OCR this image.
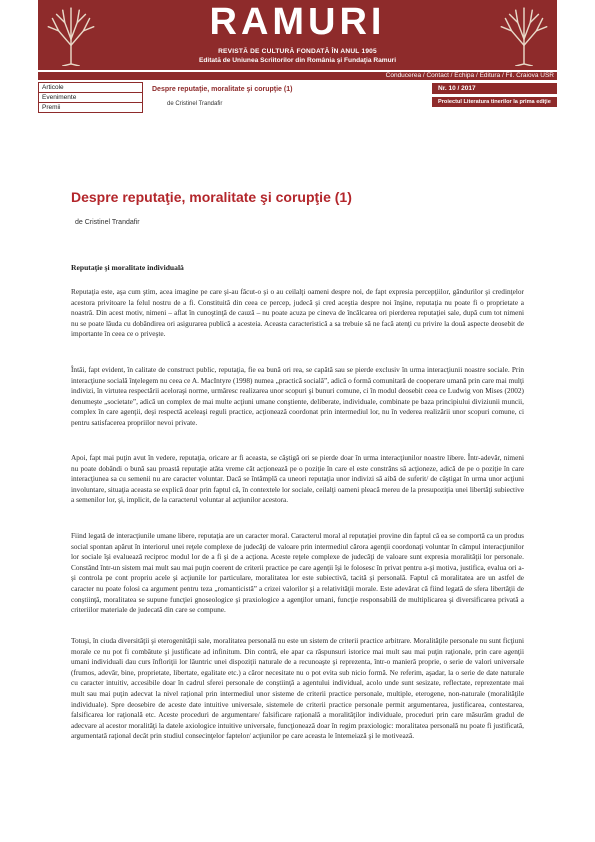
RAMURI
REVISTĂ DE CULTURĂ FONDATĂ ÎN ANUL 1905
Editată de Uniunea Scriitorilor din România şi Fundaţia Ramuri
Conducerea / Contact / Echipa / Editura / Fil. Craiova USR
Articole
Evenimente
Premii
Despre reputaţie, moralitate şi corupţie (1)
de Cristinel Trandafir
Nr. 10 / 2017
Proiectul Literatura tinerilor la prima ediţie
Despre reputaţie, moralitate şi corupţie (1)
de Cristinel Trandafir
Reputaţie şi moralitate individuală

Reputaţia este, aşa cum ştim, acea imagine pe care şi-au făcut-o şi o au ceilalţi oameni despre noi, de fapt expresia percepţiilor, gândurilor şi credinţelor acestora privitoare la felul nostru de a fi. Constituită din ceea ce percep, judecă şi cred aceştia despre noi înşine, reputaţia nu poate fi o proprietate a noastră. Din acest motiv, nimeni – aflat în cunoştinţă de cauză – nu poate acuza pe cineva de încălcarea ori pierderea reputaţiei sale, după cum tot nimeni nu se poate lăuda cu dobândirea ori asigurarea publică a acesteia. Aceasta caracteristică a sa trebuie să ne facă atenţi cu privire la două aspecte deosebit de importante în ceea ce o priveşte.

Întâi, fapt evident, în calitate de construct public, reputaţia, fie ea bună ori rea, se capătă sau se pierde exclusiv în urma interacţiunii noastre sociale. Prin interacţiune socială înţelegem nu ceea ce A. MacIntyre (1998) numea „practică socială”, adică o formă comunitară de cooperare umană prin care mai mulţi indivizi, în virtutea respectării aceloraşi norme, urmăresc realizarea unor scopuri şi bunuri comune, ci în modul deosebit ceea ce Ludwig von Mises (2002) denumeşte „societate”, adică un complex de mai multe acţiuni umane conştiente, deliberate, individuale, combinate pe baza principiului diviziunii muncii, complex în care agenţii, deşi respectă aceleaşi reguli practice, acţionează coordonat prin intermediul lor, nu în vederea realizării unor scopuri comune, ci pentru satisfacerea propriilor nevoi private.

Apoi, fapt mai puţin avut în vedere, reputaţia, oricare ar fi aceasta, se câştigă ori se pierde doar în urma interacţiunilor noastre libere. Într-adevăr, nimeni nu poate dobândi o bună sau proastă reputaţie atâta vreme cât acţionează pe o poziţie în care el este constrâns să acţioneze, adică de pe o poziţie în care interacţiunea sa cu semenii nu are caracter voluntar. Dacă se întâmplă ca uneori reputaţia unor indivizi să aibă de suferit/ de câştigat în urma unor acţiuni involuntare, situaţia aceasta se explică doar prin faptul că, în contextele lor sociale, ceilalţi oameni pleacă mereu de la presupoziţia unei libertăţi subiective a semenilor lor, şi, implicit, de la caracterul voluntar al acţiunilor acestora.

Fiind legată de interacţiunile umane libere, reputaţia are un caracter moral. Caracterul moral al reputaţiei provine din faptul că ea se comportă ca un produs social spontan apărut în interiorul unei reţele complexe de judecăţi de valoare prin intermediul cărora agenţii coordonaţi voluntar în câmpul interacţiunilor lor sociale îşi evaluează reciproc modul lor de a fi şi de a acţiona. Aceste reţele complexe de judecăţi de valoare sunt expresia moralităţii lor personale. Constând într-un sistem mai mult sau mai puţin coerent de criterii practice pe care agenţii îşi le folosesc în privat pentru a-şi motiva, justifica, evalua ori a-şi controla pe cont propriu acele şi acţiunile lor particulare, moralitatea lor este subiectivă, tacită şi personală. Faptul că moralitatea are un astfel de caracter nu poate folosi ca argument pentru teza „romanticistă” a crizei valorilor şi a relativităţii morale. Este adevărat că fiind legată de sfera libertăţii de conştiinţă, moralitatea se supune funcţiei gnoseologice şi praxiologice a agenţilor umani, funcţie responsabilă de multiplicarea şi diversificarea privată a criteriilor materiale de judecată din care se compune.

Totuşi, în ciuda diversităţii şi eterogenităţii sale, moralitatea personală nu este un sistem de criterii practice arbitrare. Moralităţile personale nu sunt ficţiuni morale ce nu pot fi combătute şi justificate ad infinitum. Din contră, ele apar ca răspunsuri istorice mai mult sau mai puţin raţionale, prin care agenţii umani individuali dau curs înfloriţii lor lăuntric unei dispoziţii naturale de a recunoaşte şi reprezenta, într-o manieră proprie, o serie de valori universale (frumos, adevăr, bine, proprietate, libertate, egalitate etc.) a căror necesitate nu o pot evita sub nicio formă. Ne referim, aşadar, la o serie de date naturale cu caracter intuitiv, accesibile doar în cadrul sferei personale de conştiinţă a agentului individual, acolo unde sunt sesizate, reflectate, reprezentate mai mult sau mai puţin adecvat la nivel raţional prin intermediul unor sisteme de criterii practice personale, multiple, eterogene, non-naturale (moralităţile individuale). Spre deosebire de aceste date intuitive universale, sistemele de criterii practice personale permit argumentarea, justificarea, contestarea, falsificarea lor raţională etc. Aceste proceduri de argumentare/ falsificare raţională a moralităţilor individuale, proceduri prin care măsurăm gradul de adecvare al acestor moralităţi la datele axiologice intuitive universale, funcţionează doar în regim praxiologic: moralitatea personală nu poate fi justificată, argumentată raţional decât prin studiul consecinţelor faptelor/ acţiunilor pe care aceasta le întemeiază şi le motivează.
